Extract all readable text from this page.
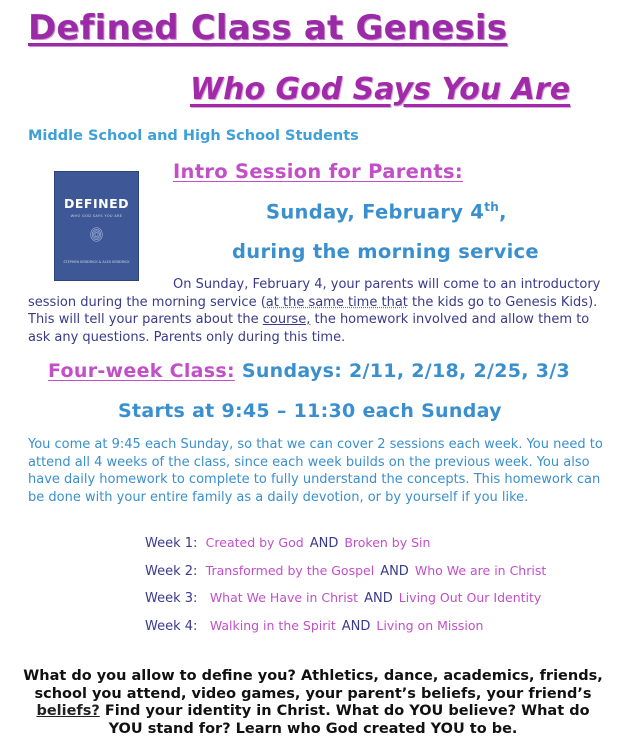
Defined Class at Genesis
Who God Says You Are
Middle School and High School Students
DEFINED
WHO GOD SAYS YOU ARE
STEPHEN KENDRICK & ALEX KENDRICK
Intro Session for Parents:
Sunday, February 4th,
during the morning service
On Sunday, February 4, your parents will come to an introductory session during the morning service (at the same time that the kids go to Genesis Kids). This will tell your parents about the course, the homework involved and allow them to ask any questions. Parents only during this time.
Four-week Class: Sundays: 2/11, 2/18, 2/25, 3/3
Starts at 9:45 – 11:30 each Sunday
You come at 9:45 each Sunday, so that we can cover 2 sessions each week. You need to attend all 4 weeks of the class, since each week builds on the previous week. You also have daily homework to complete to fully understand the concepts. This homework can be done with your entire family as a daily devotion, or by yourself if you like.
Week 1: Created by God AND Broken by Sin
Week 2: Transformed by the Gospel AND Who We are in Christ
Week 3: What We Have in Christ AND Living Out Our Identity
Week 4: Walking in the Spirit AND Living on Mission
What do you allow to define you? Athletics, dance, academics, friends, school you attend, video games, your parent’s beliefs, your friend’s beliefs? Find your identity in Christ. What do YOU believe? What do YOU stand for? Learn who God created YOU to be.
